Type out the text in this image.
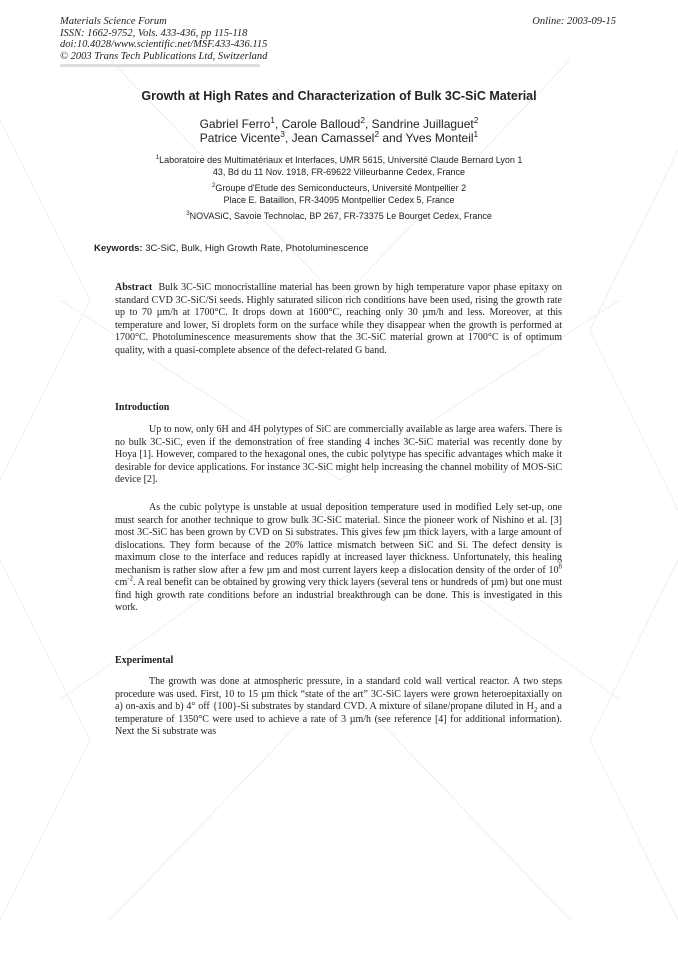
Materials Science Forum
ISSN: 1662-9752, Vols. 433-436, pp 115-118
doi:10.4028/www.scientific.net/MSF.433-436.115
© 2003 Trans Tech Publications Ltd, Switzerland
Online: 2003-09-15
Growth at High Rates and Characterization of Bulk 3C-SiC Material
Gabriel Ferro$^1$, Carole Balloud$^2$, Sandrine Juillaguet$^2$
Patrice Vicente$^3$, Jean Camassel$^2$ and Yves Monteil$^1$
$^1$Laboratoire des Multimatériaux et Interfaces, UMR 5615, Université Claude Bernard Lyon 1
43, Bd du 11 Nov. 1918, FR-69622 Villeurbanne Cedex, France
$^2$Groupe d'Etude des Semiconducteurs, Université Montpellier 2
Place E. Bataillon, FR-34095 Montpellier Cedex 5, France
$^3$NOVASiC, Savoie Technolac, BP 267, FR-73375 Le Bourget Cedex, France
Keywords: 3C-SiC, Bulk, High Growth Rate, Photoluminescence

Abstract Bulk 3C-SiC monocristalline material has been grown by high temperature vapor phase epitaxy on standard CVD 3C-SiC/Si seeds. Highly saturated silicon rich conditions have been used, rising the growth rate up to 70 µm/h at 1700°C. It drops down at 1600°C, reaching only 30 µm/h and less. Moreover, at this temperature and lower, Si droplets form on the surface while they disappear when the growth is performed at 1700°C. Photoluminescence measurements show that the 3C-SiC material grown at 1700°C is of optimum quality, with a quasi-complete absence of the defect-related G band.

Introduction

Up to now, only 6H and 4H polytypes of SiC are commercially available as large area wafers. There is no bulk 3C-SiC, even if the demonstration of free standing 4 inches 3C-SiC material was recently done by Hoya [1]. However, compared to the hexagonal ones, the cubic polytype has specific advantages which make it desirable for device applications. For instance 3C-SiC might help increasing the channel mobility of MOS-SiC device [2].

As the cubic polytype is unstable at usual deposition temperature used in modified Lely set-up, one must search for another technique to grow bulk 3C-SiC material. Since the pioneer work of Nishino et al. [3] most 3C-SiC has been grown by CVD on Si substrates. This gives few µm thick layers, with a large amount of dislocations. They form because of the 20% lattice mismatch between SiC and Si. The defect density is maximum close to the interface and reduces rapidly at increased layer thickness. Unfortunately, this healing mechanism is rather slow after a few µm and most current layers keep a dislocation density of the order of $10^8$ $cm^{-2}$. A real benefit can be obtained by growing very thick layers (several tens or hundreds of µm) but one must find high growth rate conditions before an industrial breakthrough can be done. This is investigated in this work.

Experimental

The growth was done at atmospheric pressure, in a standard cold wall vertical reactor. A two steps procedure was used. First, 10 to 15 µm thick “state of the art” 3C-SiC layers were grown heteroepitaxially on a) on-axis and b) 4° off {100}-Si substrates by standard CVD. A mixture of silane/propane diluted in $H_2$ and a temperature of 1350°C were used to achieve a rate of 3 µm/h (see reference [4] for additional information). Next the Si substrate was
